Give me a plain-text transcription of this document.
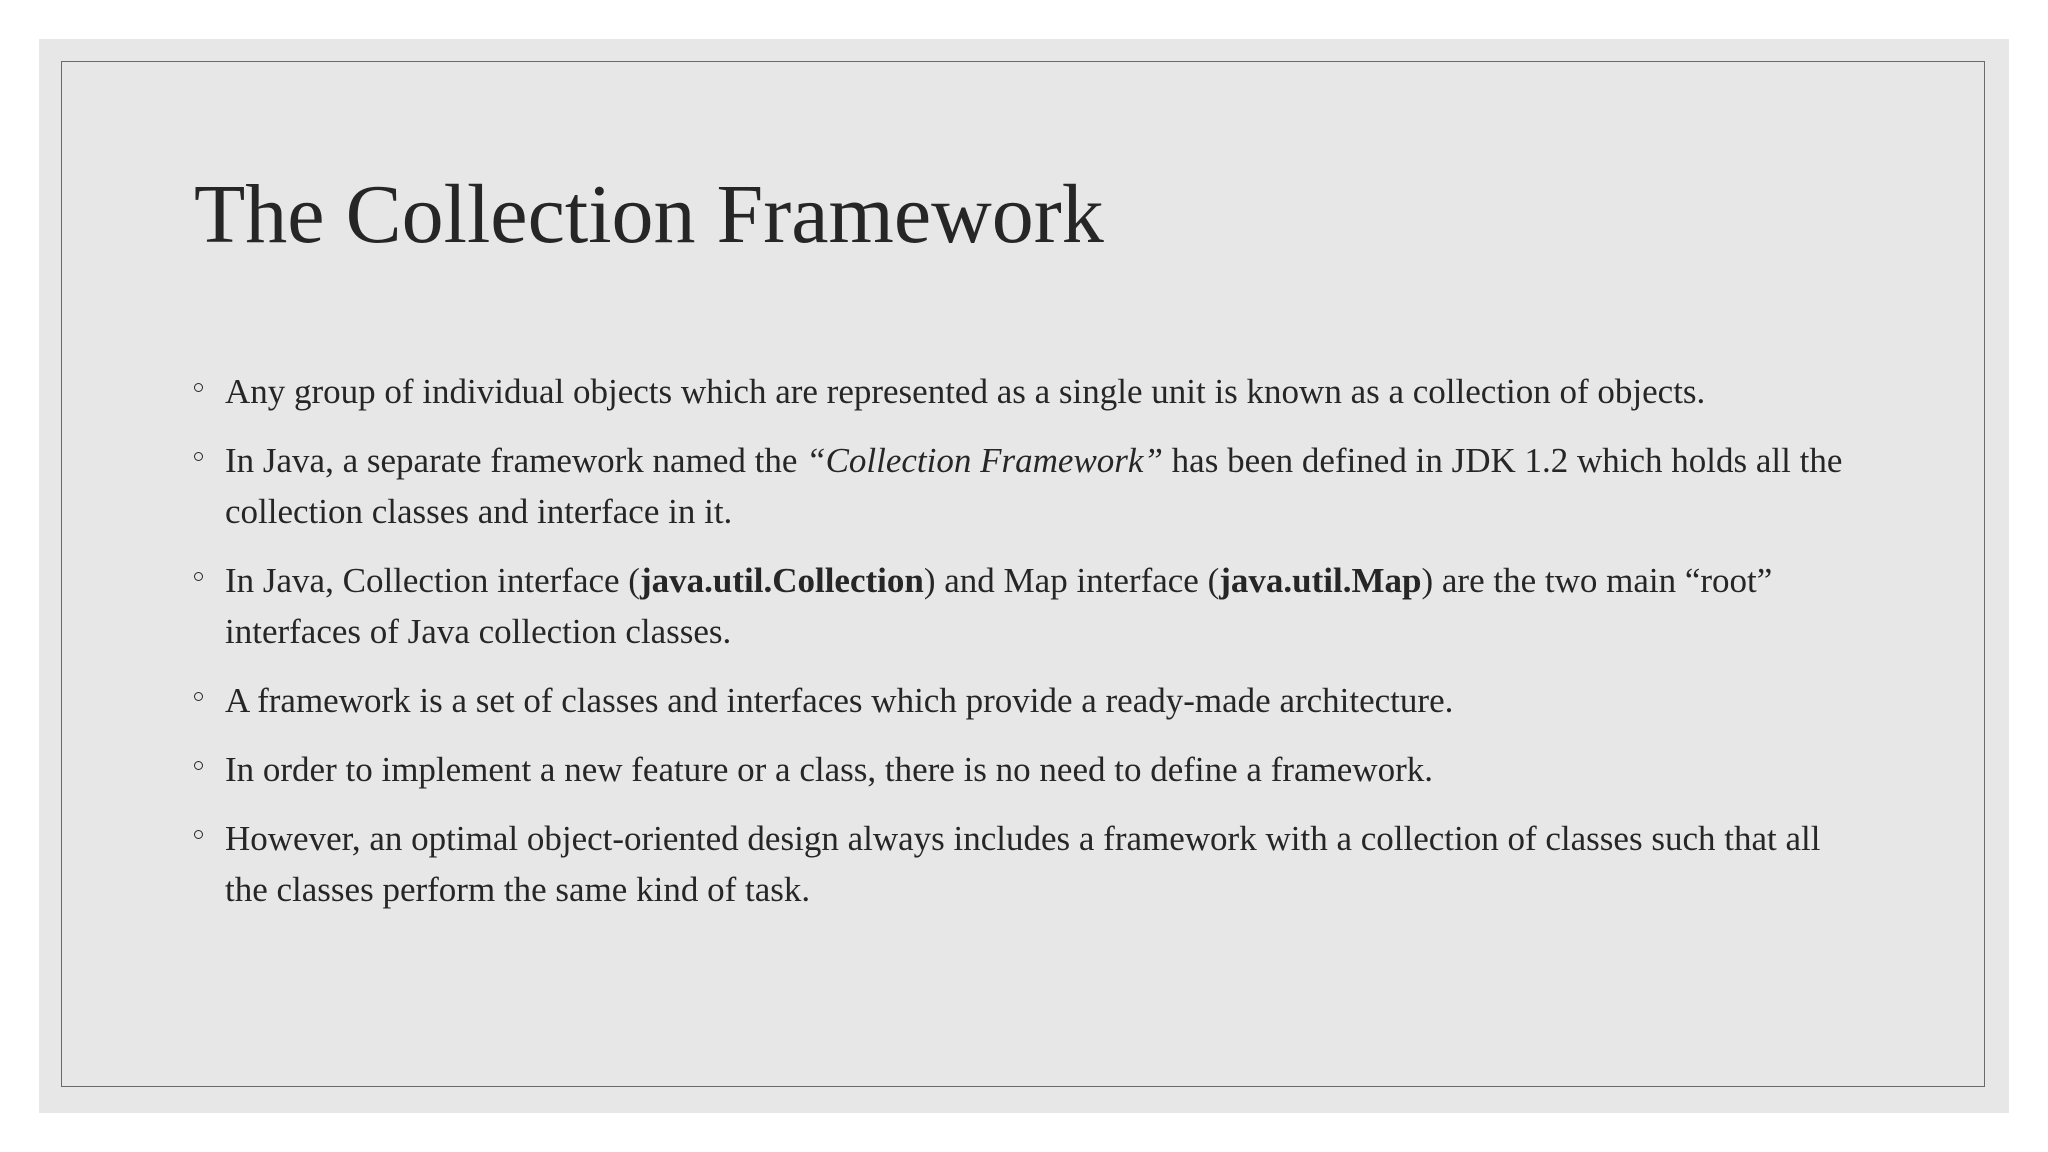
The Collection Framework
Any group of individual objects which are represented as a single unit is known as a collection of objects.
In Java, a separate framework named the “Collection Framework” has been defined in JDK 1.2 which holds all the collection classes and interface in it.
In Java, Collection interface (java.util.Collection) and Map interface (java.util.Map) are the two main “root” interfaces of Java collection classes.
A framework is a set of classes and interfaces which provide a ready-made architecture.
In order to implement a new feature or a class, there is no need to define a framework.
However, an optimal object-oriented design always includes a framework with a collection of classes such that all the classes perform the same kind of task.
